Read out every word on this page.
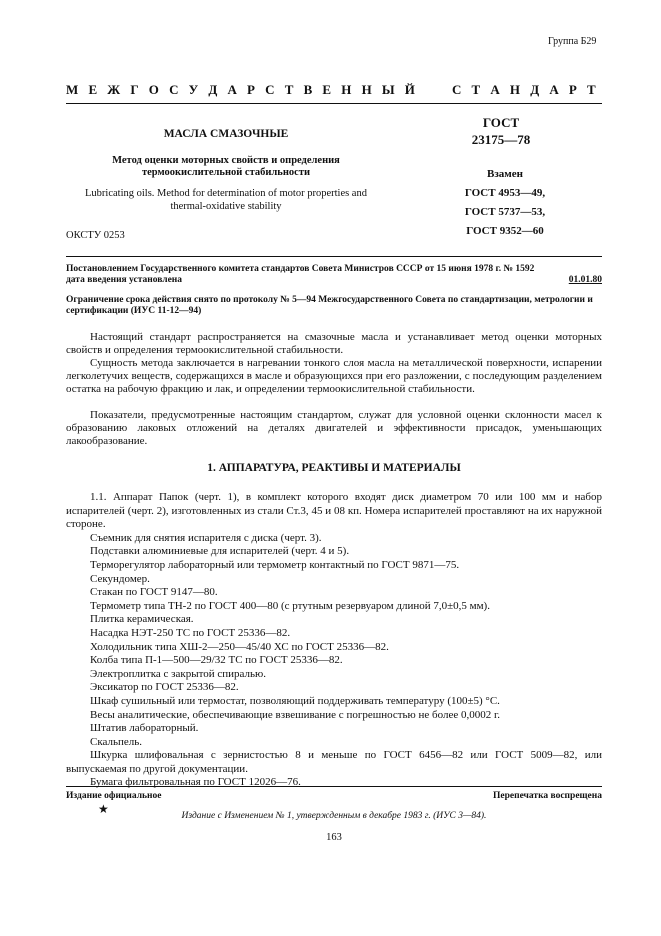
Группа Б29
М Е Ж Г О С У Д А Р С Т В Е Н Н Ы Й

	С Т А Н Д А Р Т
МАСЛА СМАЗОЧНЫЕ
Метод оценки моторных свойств и определения термоокислительной стабильности
Lubricating oils. Method for determination of motor properties and thermal-oxidative stability
ОКСТУ 0253
ГОСТ
23175—78
Взамен
ГОСТ 4953—49,
ГОСТ 5737—53,
ГОСТ 9352—60
Постановлением Государственного комитета стандартов Совета Министров СССР от 15 июня 1978 г. № 1592
дата введения установлена	01.01.80
Ограничение срока действия снято по протоколу № 5—94 Межгосударственного Совета по стандартизации, метрологии и сертификации (ИУС 11-12—94)
Настоящий стандарт распространяется на смазочные масла и устанавливает метод оценки моторных свойств и определения термоокислительной стабильности.
Сущность метода заключается в нагревании тонкого слоя масла на металлической поверхности, испарении легколетучих веществ, содержащихся в масле и образующихся при его разложении, с последующим разделением остатка на рабочую фракцию и лак, и определении термоокислительной стабильности.
Показатели, предусмотренные настоящим стандартом, служат для условной оценки склонности масел к образованию лаковых отложений на деталях двигателей и эффективности присадок, уменьшающих лакообразование.
1. АППАРАТУРА, РЕАКТИВЫ И МАТЕРИАЛЫ

1.1. Аппарат Папок (черт. 1), в комплект которого входят диск диаметром 70 или 100 мм и набор испарителей (черт. 2), изготовленных из стали Ст.3, 45 и 08 кп. Номера испарителей проставляют на их наружной стороне.

Съемник для снятия испарителя с диска (черт. 3).

Подставки алюминиевые для испарителей (черт. 4 и 5).

Терморегулятор лабораторный или термометр контактный по ГОСТ 9871—75.

Секундомер.

Стакан по ГОСТ 9147—80.

Термометр типа ТН-2 по ГОСТ 400—80 (с ртутным резервуаром длиной 7,0±0,5 мм).

Плитка керамическая.

Насадка НЭТ-250 ТС по ГОСТ 25336—82.

Холодильник типа ХШ-2—250—45/40 ХС по ГОСТ 25336—82.

Колба типа П-1—500—29/32 ТС по ГОСТ 25336—82.

Электроплитка с закрытой спиралью.

Эксикатор по ГОСТ 25336—82.

Шкаф сушильный или термостат, позволяющий поддерживать температуру (100±5) °С.

Весы аналитические, обеспечивающие взвешивание с погрешностью не более 0,0002 г.

Штатив лабораторный.

Скальпель.

Шкурка шлифовальная с зернистостью 8 и меньше по ГОСТ 6456—82 или ГОСТ 5009—82, или выпускаемая по другой документации.

Бумага фильтровальная по ГОСТ 12026—76.

Издание официальное	Перепечатка воспрещена
★	Издание с Изменением № 1, утвержденным в декабре 1983 г. (ИУС 3—84).
163
